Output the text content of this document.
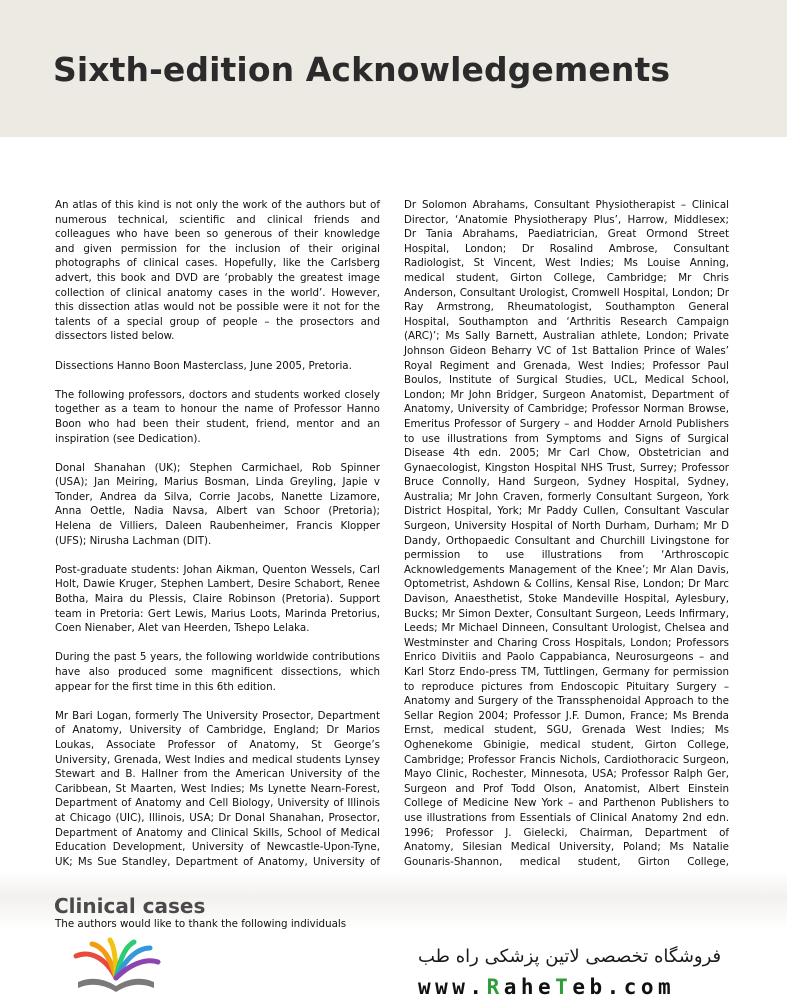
Sixth-edition Acknowledgements

An atlas of this kind is not only the work of the authors but of numerous technical, scientific and clinical friends and colleagues who have been so generous of their knowledge and given permission for the inclusion of their original photographs of clinical cases. Hopefully, like the Carlsberg advert, this book and DVD are ‘probably the greatest image collection of clinical anatomy cases in the world’. However, this dissection atlas would not be possible were it not for the talents of a special group of people – the prosectors and dissectors listed below.

Dissections Hanno Boon Masterclass, June 2005, Pretoria.

The following professors, doctors and students worked closely together as a team to honour the name of Professor Hanno Boon who had been their student, friend, mentor and an inspiration (see Dedication).

Donal Shanahan (UK); Stephen Carmichael, Rob Spinner (USA); Jan Meiring, Marius Bosman, Linda Greyling, Japie v Tonder, Andrea da Silva, Corrie Jacobs, Nanette Lizamore, Anna Oettle, Nadia Navsa, Albert van Schoor (Pretoria); Helena de Villiers, Daleen Raubenheimer, Francis Klopper (UFS); Nirusha Lachman (DIT).

Post-graduate students: Johan Aikman, Quenton Wessels, Carl Holt, Dawie Kruger, Stephen Lambert, Desire Schabort, Renee Botha, Maira du Plessis, Claire Robinson (Pretoria). Support team in Pretoria: Gert Lewis, Marius Loots, Marinda Pretorius, Coen Nienaber, Alet van Heerden, Tshepo Lelaka.

During the past 5 years, the following worldwide contributions have also produced some magnificent dissections, which appear for the first time in this 6th edition.

Mr Bari Logan, formerly The University Prosector, Department of Anatomy, University of Cambridge, England; Dr Marios Loukas, Associate Professor of Anatomy, St George’s University, Grenada, West Indies and medical students Lynsey Stewart and B. Hallner from the American University of the Caribbean, St Maarten, West Indies; Ms Lynette Nearn-Forest, Department of Anatomy and Cell Biology, University of Illinois at Chicago (UIC), Illinois, USA; Dr Donal Shanahan, Prosector, Department of Anatomy and Clinical Skills, School of Medical Education Development, University of Newcastle-Upon-Tyne, UK; Ms Sue Standley, Department of Anatomy, University of

Dr Solomon Abrahams, Consultant Physiotherapist – Clinical Director, ‘Anatomie Physiotherapy Plus’, Harrow, Middlesex; Dr Tania Abrahams, Paediatrician, Great Ormond Street Hospital, London; Dr Rosalind Ambrose, Consultant Radiologist, St Vincent, West Indies; Ms Louise Anning, medical student, Girton College, Cambridge; Mr Chris Anderson, Consultant Urologist, Cromwell Hospital, London; Dr Ray Armstrong, Rheumatologist, Southampton General Hospital, Southampton and ‘Arthritis Research Campaign (ARC)’; Ms Sally Barnett, Australian athlete, London; Private Johnson Gideon Beharry VC of 1st Battalion Prince of Wales’ Royal Regiment and Grenada, West Indies; Professor Paul Boulos, Institute of Surgical Studies, UCL, Medical School, London; Mr John Bridger, Surgeon Anatomist, Department of Anatomy, University of Cambridge; Professor Norman Browse, Emeritus Professor of Surgery – and Hodder Arnold Publishers to use illustrations from Symptoms and Signs of Surgical Disease 4th edn. 2005; Mr Carl Chow, Obstetrician and Gynaecologist, Kingston Hospital NHS Trust, Surrey; Professor Bruce Connolly, Hand Surgeon, Sydney Hospital, Sydney, Australia; Mr John Craven, formerly Consultant Surgeon, York District Hospital, York; Mr Paddy Cullen, Consultant Vascular Surgeon, University Hospital of North Durham, Durham; Mr D Dandy, Orthopaedic Consultant and Churchill Livingstone for permission to use illustrations from ‘Arthroscopic Acknowledgements Management of the Knee’; Mr Alan Davis, Optometrist, Ashdown & Collins, Kensal Rise, London; Dr Marc Davison, Anaesthetist, Stoke Mandeville Hospital, Aylesbury, Bucks; Mr Simon Dexter, Consultant Surgeon, Leeds Infirmary, Leeds; Mr Michael Dinneen, Consultant Urologist, Chelsea and Westminster and Charing Cross Hospitals, London; Professors Enrico Divitiis and Paolo Cappabianca, Neurosurgeons – and Karl Storz Endo-press TM, Tuttlingen, Germany for permission to reproduce pictures from Endoscopic Pituitary Surgery – Anatomy and Surgery of the Transsphenoidal Approach to the Sellar Region 2004; Professor J.F. Dumon, France; Ms Brenda Ernst, medical student, SGU, Grenada West Indies; Ms Oghenekome Gbinigie, medical student, Girton College, Cambridge; Professor Francis Nichols, Cardiothoracic Surgeon, Mayo Clinic, Rochester, Minnesota, USA; Professor Ralph Ger, Surgeon and Prof Todd Olson, Anatomist, Albert Einstein College of Medicine New York – and Parthenon Publishers to use illustrations from Essentials of Clinical Anatomy 2nd edn. 1996; Professor J. Gielecki, Chairman, Department of Anatomy, Silesian Medical University, Poland; Ms Natalie Gounaris-Shannon, medical student, Girton College,

Clinical cases
The authors would like to thank the following individuals
فروشگاه تخصصی لاتین پزشکی راه طب
www.RaheTeb.com
